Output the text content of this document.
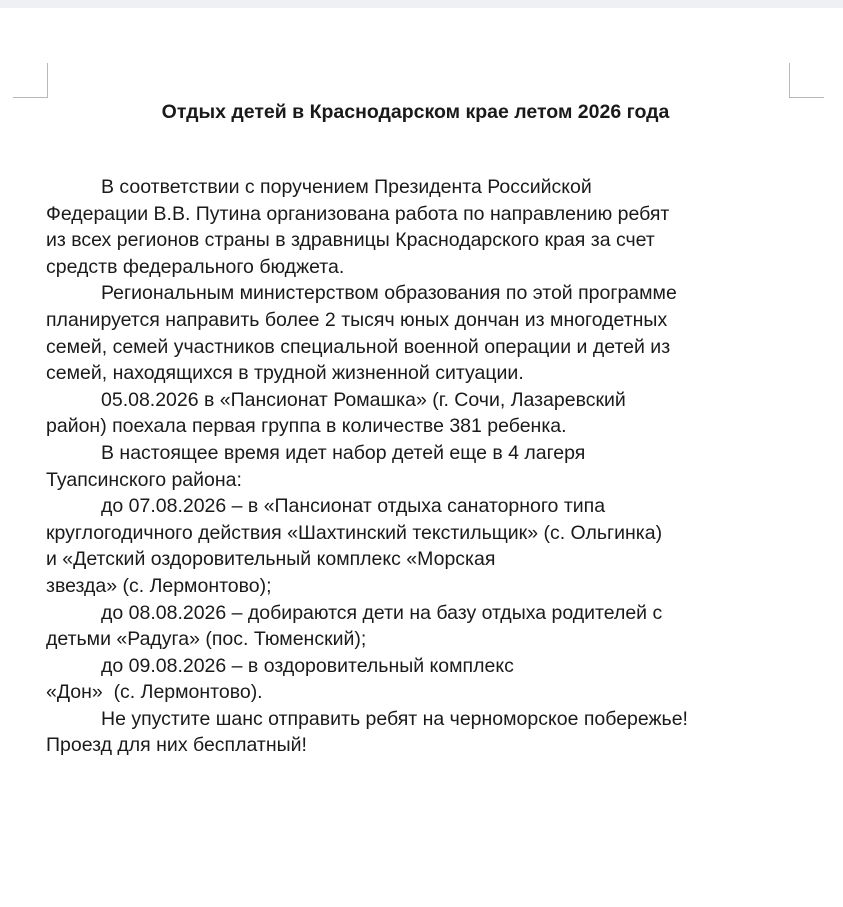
Отдых детей в Краснодарском крае летом 2026 года
В соответствии с поручением Президента Российской
Федерации В.В. Путина организована работа по направлению ребят
из всех регионов страны в здравницы Краснодарского края за счет
средств федерального бюджета.
Региональным министерством образования по этой программе
планируется направить более 2 тысяч юных дончан из многодетных
семей, семей участников специальной военной операции и детей из
семей, находящихся в трудной жизненной ситуации.
05.08.2026 в «Пансионат Ромашка» (г. Сочи, Лазаревский
район) поехала первая группа в количестве 381 ребенка.
В настоящее время идет набор детей еще в 4 лагеря
Туапсинского района:
до 07.08.2026 – в «Пансионат отдыха санаторного типа
круглогодичного действия «Шахтинский текстильщик» (с. Ольгинка)
и «Детский оздоровительный комплекс «Морская
звезда» (с. Лермонтово);
до 08.08.2026 – добираются дети на базу отдыха родителей с
детьми «Радуга» (пос. Тюменский);
до 09.08.2026 – в оздоровительный комплекс
«Дон»  (с. Лермонтово).
Не упустите шанс отправить ребят на черноморское побережье!
Проезд для них бесплатный!
